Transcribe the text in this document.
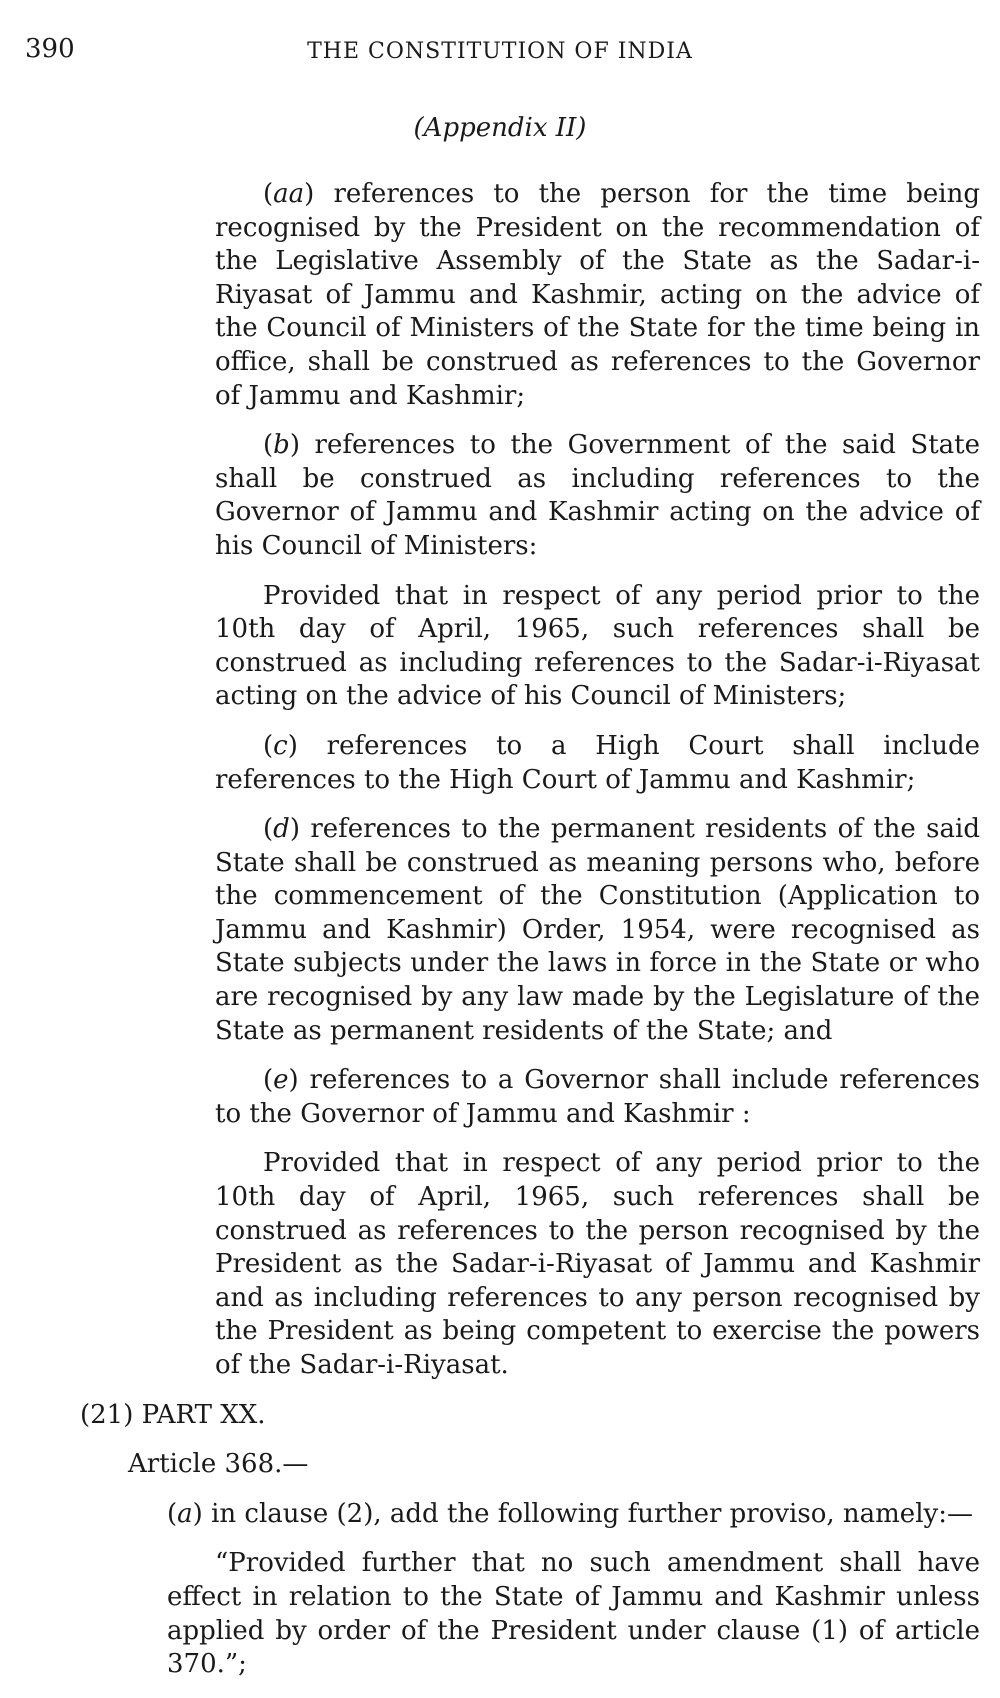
390	THE CONSTITUTION OF INDIA
(Appendix II)

(aa) references to the person for the time being recognised by the President on the recommendation of the Legislative Assembly of the State as the Sadar-i-Riyasat of Jammu and Kashmir, acting on the advice of the Council of Ministers of the State for the time being in office, shall be construed as references to the Governor of Jammu and Kashmir;

(b) references to the Government of the said State shall be construed as including references to the Governor of Jammu and Kashmir acting on the advice of his Council of Ministers:

Provided that in respect of any period prior to the 10th day of April, 1965, such references shall be construed as including references to the Sadar-i-Riyasat acting on the advice of his Council of Ministers;

(c) references to a High Court shall include references to the High Court of Jammu and Kashmir;

(d) references to the permanent residents of the said State shall be construed as meaning persons who, before the commencement of the Constitution (Application to Jammu and Kashmir) Order, 1954, were recognised as State subjects under the laws in force in the State or who are recognised by any law made by the Legislature of the State as permanent residents of the State; and

(e) references to a Governor shall include references to the Governor of Jammu and Kashmir :

Provided that in respect of any period prior to the 10th day of April, 1965, such references shall be construed as references to the person recognised by the President as the Sadar-i-Riyasat of Jammu and Kashmir and as including references to any person recognised by the President as being competent to exercise the powers of the Sadar-i-Riyasat.

(21) PART XX.

Article 368.—

(a) in clause (2), add the following further proviso, namely:—

“Provided further that no such amendment shall have effect in relation to the State of Jammu and Kashmir unless applied by order of the President under clause (1) of article 370.”;
